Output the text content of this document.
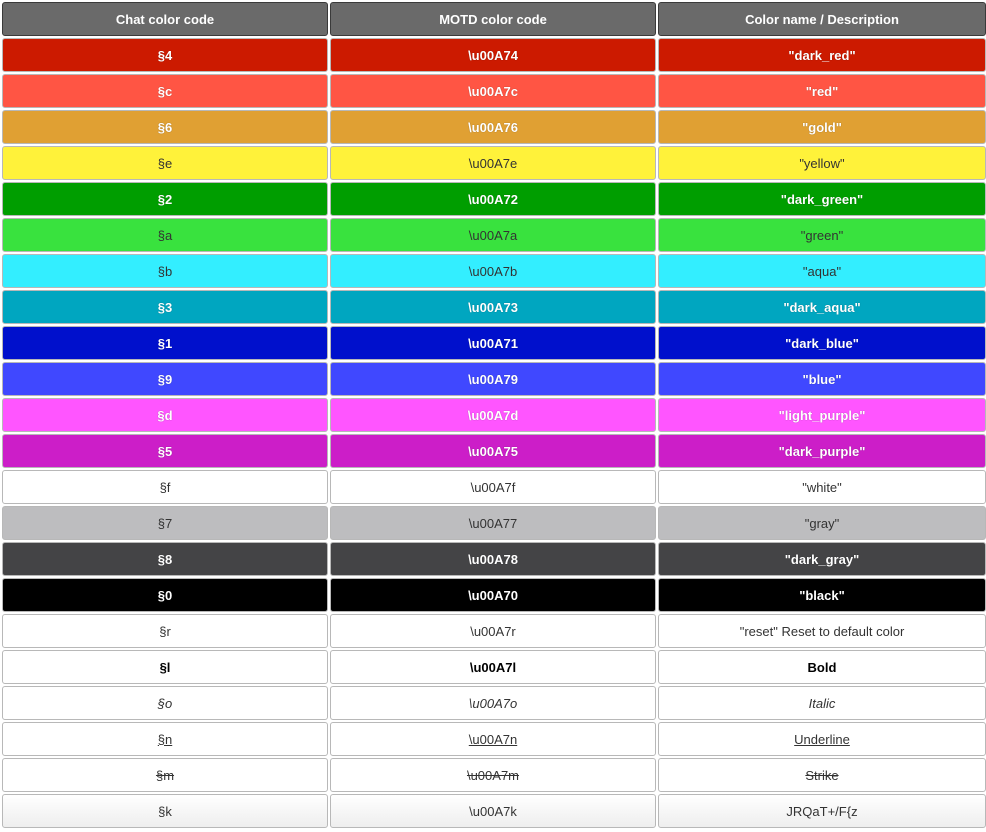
Chat color code	MOTD color code	Color name / Description
§4	\u00A74	"dark_red"
§c	\u00A7c	"red"
§6	\u00A76	"gold"
§e	\u00A7e	"yellow"
§2	\u00A72	"dark_green"
§a	\u00A7a	"green"
§b	\u00A7b	"aqua"
§3	\u00A73	"dark_aqua"
§1	\u00A71	"dark_blue"
§9	\u00A79	"blue"
§d	\u00A7d	"light_purple"
§5	\u00A75	"dark_purple"
§f	\u00A7f	"white"
§7	\u00A77	"gray"
§8	\u00A78	"dark_gray"
§0	\u00A70	"black"
§r	\u00A7r	"reset" Reset to default color
§l	\u00A7l	Bold
§o	\u00A7o	Italic
§n	\u00A7n	Underline
§m	\u00A7m	Strike
§k	\u00A7k	JRQaT+/F{z
